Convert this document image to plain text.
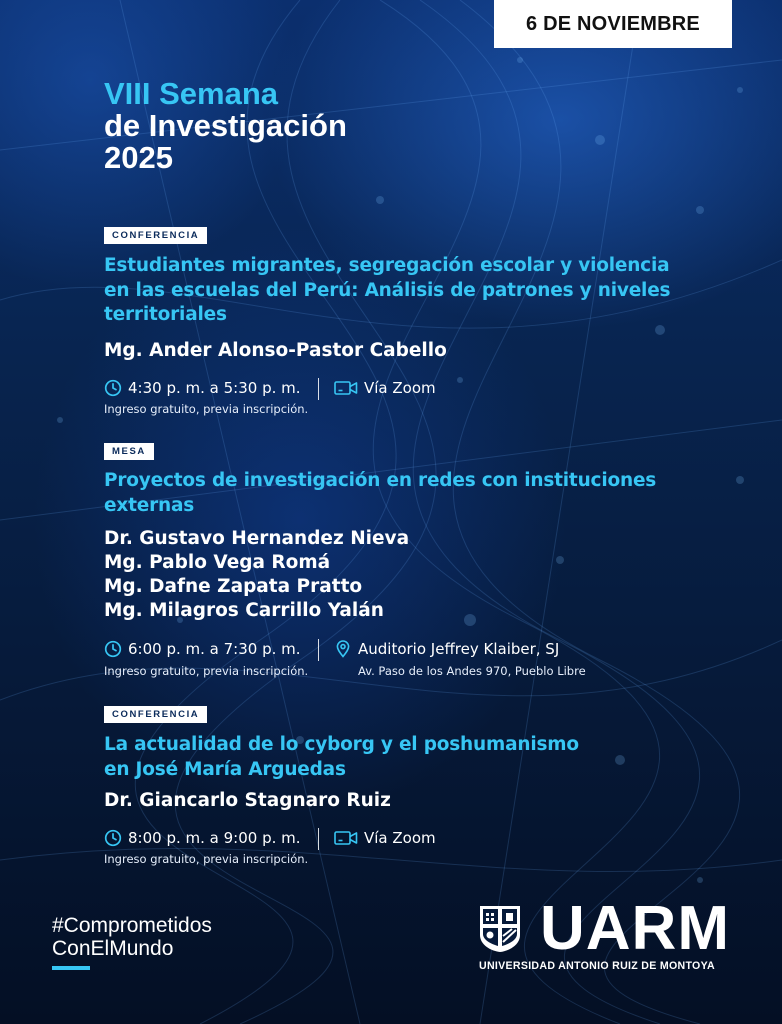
6 DE NOVIEMBRE
VIII Semana
de Investigación
2025
CONFERENCIA
Estudiantes migrantes, segregación escolar y violencia
en las escuelas del Perú: Análisis de patrones y niveles
territoriales
Mg. Ander Alonso-Pastor Cabello
4:30 p. m. a 5:30 p. m.	Vía Zoom
Ingreso gratuito, previa inscripción.
MESA
Proyectos de investigación en redes con instituciones
externas
Dr. Gustavo Hernandez Nieva
Mg. Pablo Vega Romá
Mg. Dafne Zapata Pratto
Mg. Milagros Carrillo Yalán
6:00 p. m. a 7:30 p. m.	Auditorio Jeffrey Klaiber, SJ
Ingreso gratuito, previa inscripción.	Av. Paso de los Andes 970, Pueblo Libre
CONFERENCIA
La actualidad de lo cyborg y el poshumanismo
en José María Arguedas
Dr. Giancarlo Stagnaro Ruiz
8:00 p. m. a 9:00 p. m.	Vía Zoom
Ingreso gratuito, previa inscripción.
#Comprometidos
ConElMundo	UARM
UNIVERSIDAD ANTONIO RUIZ DE MONTOYA
